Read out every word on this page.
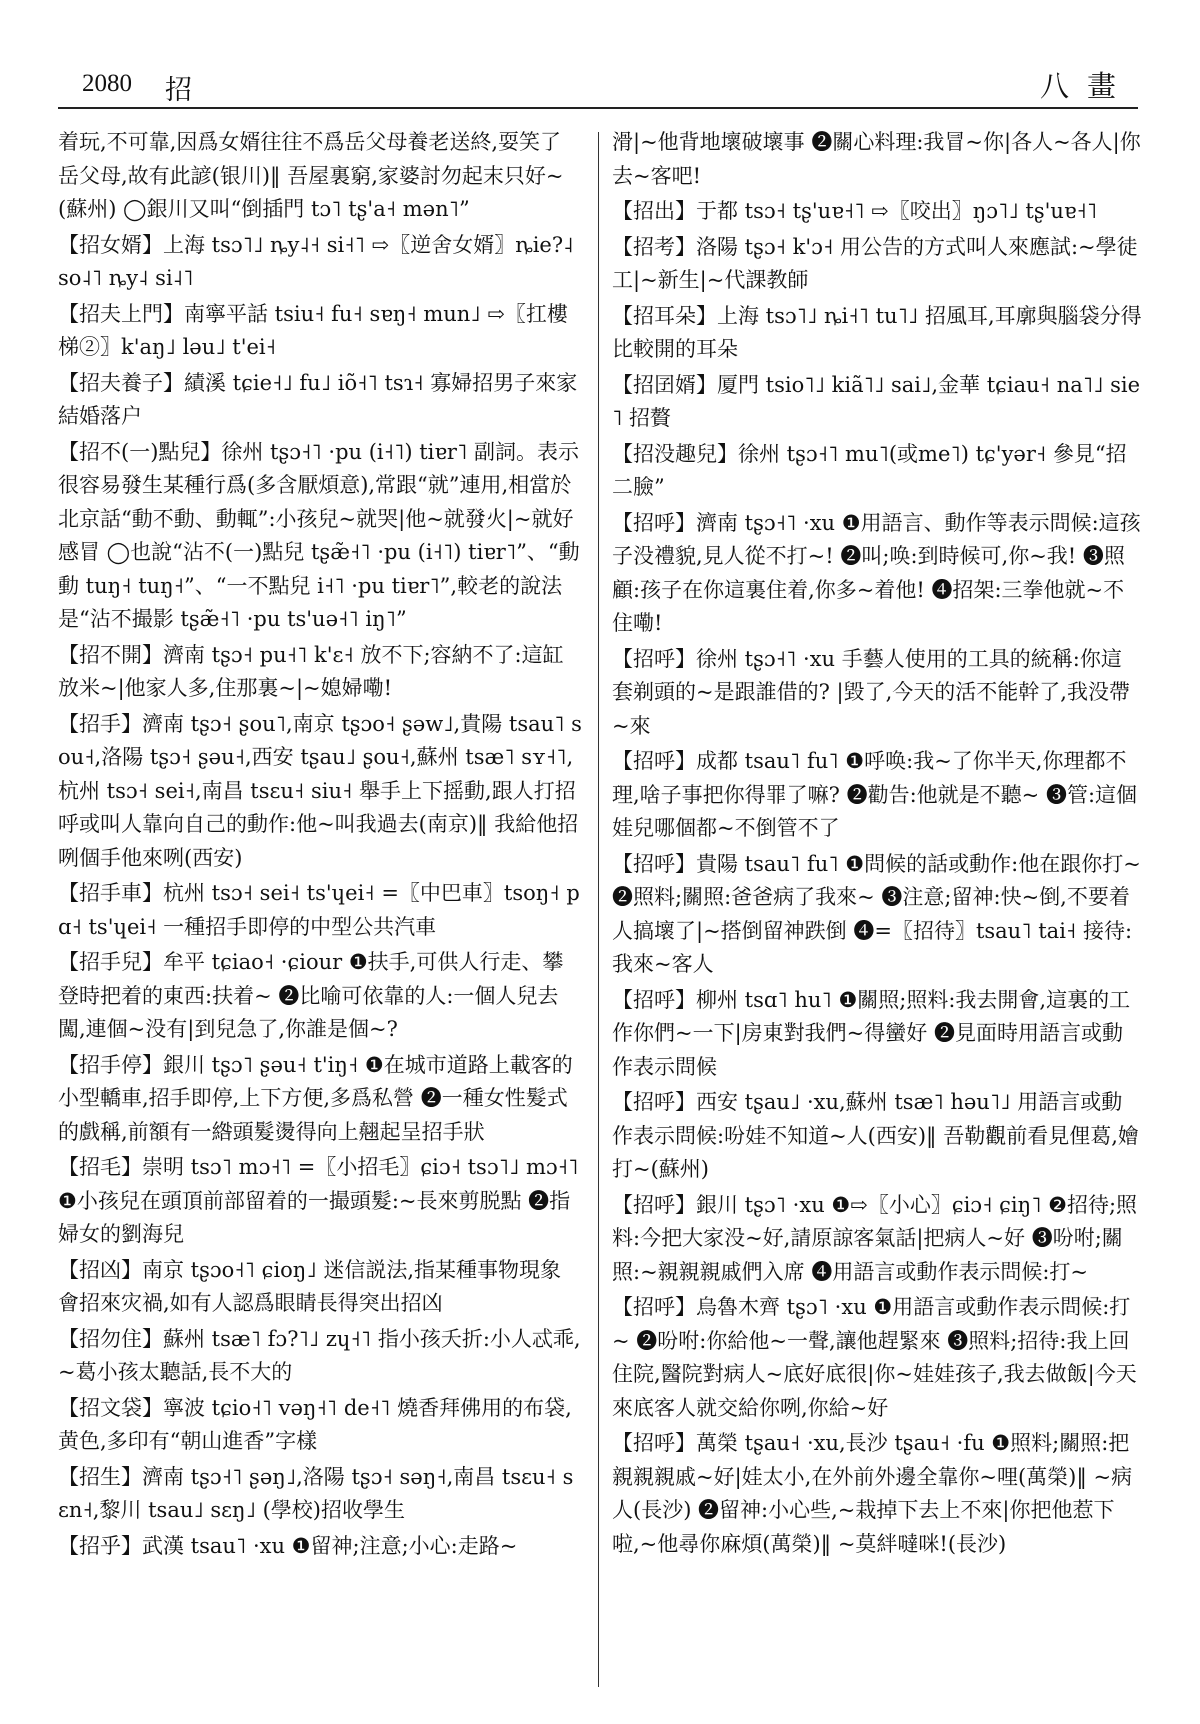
2080 招	八畫

着玩,不可靠,因爲女婿往往不爲岳父母養老送終,耍笑了岳父母,故有此諺(银川)‖ 吾屋裏窮,家婆討勿起末只好~(蘇州) ◯銀川又叫“倒插門 tɔ˥ tʂ'a˧ mən˥”

【招女婿】上海 tsɔ˥˩ ȵy˨˧ si˧˥ ⇨〖逆舍女婿〗ȵie?˨ so˨˥ ȵy˨ si˨˥

【招夫上門】南寧平話 tsiu˧ fu˧ sɐŋ˧ mun˩ ⇨〖扛樓梯②〗k'aŋ˩ ləu˩ t'ei˧

【招夫養子】績溪 tɕie˧˩ fu˩ iõ˧˥ tsɿ˧ 寡婦招男子來家結婚落户

【招不(一)點兒】徐州 tʂɔ˧˥ ·pu (i˧˥) tiɐr˥ 副詞。表示很容易發生某種行爲(多含厭煩意),常跟“就”連用,相當於北京話“動不動、動輒”:小孩兒~就哭|他~就發火|~就好感冒 ◯也說“沾不(一)點兒 tʂæ̃˧˥ ·pu (i˧˥) tiɐr˥”、“動動 tuŋ˧ tuŋ˧”、“一不點兒 i˧˥ ·pu tiɐr˥”,較老的說法是“沾不撮影 tʂæ̃˧˥ ·pu ts'uə˧˥ iŋ˥”

【招不開】濟南 tʂɔ˧ pu˧˥ k'ɛ˧ 放不下;容納不了:這缸放米~|他家人多,住那裏~|~媳婦嘞!

【招手】濟南 tʂɔ˧ ʂou˥,南京 tʂɔo˧ ʂəw˩,貴陽 tsau˥ sou˧,洛陽 tʂɔ˧ ʂəu˧,西安 tʂau˩ ʂou˧,蘇州 tsæ˥ sʏ˧˥,杭州 tsɔ˧ sei˧,南昌 tsɛu˧ siu˧ 舉手上下摇動,跟人打招呼或叫人靠向自己的動作:他~叫我過去(南京)‖ 我給他招咧個手他來咧(西安)

【招手車】杭州 tsɔ˧ sei˧ ts'ɥei˧ =〖中巴車〗tsoŋ˧ pɑ˧ ts'ɥei˧ 一種招手即停的中型公共汽車

【招手兒】牟平 tɕiao˧ ·ɕiour ❶扶手,可供人行走、攀登時把着的東西:扶着~ ❷比喻可依靠的人:一個人兒去闖,連個~没有|到兒急了,你誰是個~?

【招手停】銀川 tʂɔ˥ ʂəu˧ t'iŋ˧ ❶在城市道路上載客的小型轎車,招手即停,上下方便,多爲私營 ❷一種女性髮式的戲稱,前額有一綹頭髮燙得向上翹起呈招手狀

【招毛】崇明 tsɔ˥ mɔ˧˥ =〖小招毛〗ɕiɔ˧ tsɔ˥˩ mɔ˧˥ ❶小孩兒在頭頂前部留着的一撮頭髮:~長來剪脱點 ❷指婦女的劉海兒

【招凶】南京 tʂɔo˧˥ ɕioŋ˩ 迷信説法,指某種事物現象會招來灾禍,如有人認爲眼睛長得突出招凶

【招勿住】蘇州 tsæ˥ fɔ?˥˩ zɥ˧˥ 指小孩夭折:小人忒乖,~葛小孩太聽話,長不大的

【招文袋】寧波 tɕio˧˥ vəŋ˧˥ de˧˥ 燒香拜佛用的布袋,黄色,多印有“朝山進香”字樣

【招生】濟南 tʂɔ˧˥ ʂəŋ˩,洛陽 tʂɔ˧ səŋ˧,南昌 tsɛu˧ sɛn˧,黎川 tsau˩ sɛŋ˩ (學校)招收學生

【招乎】武漢 tsau˥ ·xu ❶留神;注意;小心:走路~

滑|~他背地壞破壞事 ❷關心料理:我冒~你|各人~各人|你去~客吧!

【招出】于都 tsɔ˧ tʂ'uɐ˧˥ ⇨〖咬出〗ŋɔ˥˩ tʂ'uɐ˧˥

【招考】洛陽 tʂɔ˧ k'ɔ˧ 用公告的方式叫人來應試:~學徒工|~新生|~代課教師

【招耳朵】上海 tsɔ˥˩ ȵi˧˥ tu˥˩ 招風耳,耳廓與腦袋分得比較開的耳朵

【招囝婿】厦門 tsio˥˩ kiã˥˩ sai˩,金華 tɕiau˧ na˥˩ sie˥ 招贅

【招没趣兒】徐州 tʂɔ˧˥ mu˥(或me˥) tɕ'yər˧ 參見“招二臉”

【招呼】濟南 tʂɔ˧˥ ·xu ❶用語言、動作等表示問候:這孩子没禮貌,見人從不打~! ❷叫;唤:到時候可,你~我! ❸照顧:孩子在你這裏住着,你多~着他! ❹招架:三拳他就~不住嘞!

【招呼】徐州 tʂɔ˧˥ ·xu 手藝人使用的工具的統稱:你這套剃頭的~是跟誰借的? |毀了,今天的活不能幹了,我没帶~來

【招呼】成都 tsau˥ fu˥ ❶呼唤:我~了你半天,你理都不理,啥子事把你得罪了嘛? ❷勸告:他就是不聽~ ❸管:這個娃兒哪個都~不倒管不了

【招呼】貴陽 tsau˥ fu˥ ❶問候的話或動作:他在跟你打~ ❷照料;關照:爸爸病了我來~ ❸注意;留神:快~倒,不要着人搞壞了|~搭倒留神跌倒 ❹=〖招待〗tsau˥ tai˧ 接待:我來~客人

【招呼】柳州 tsɑ˥ hu˥ ❶關照;照料:我去開會,這裏的工作你們~一下|房東對我們~得蠻好 ❷見面時用語言或動作表示問候

【招呼】西安 tʂau˩ ·xu,蘇州 tsæ˥ həu˥˩ 用語言或動作表示問候:吩娃不知道~人(西安)‖ 吾勒觀前看見俚葛,嬒打~(蘇州)

【招呼】銀川 tʂɔ˥ ·xu ❶⇨〖小心〗ɕiɔ˧ ɕiŋ˥ ❷招待;照料:今把大家没~好,請原諒客氣話|把病人~好 ❸吩咐;關照:~親親親戚們入席 ❹用語言或動作表示問候:打~

【招呼】烏魯木齊 tʂɔ˥ ·xu ❶用語言或動作表示問候:打~ ❷吩咐:你給他~一聲,讓他趕緊來 ❸照料;招待:我上回住院,醫院對病人~底好底很|你~娃娃孩子,我去做飯|今天來底客人就交給你咧,你給~好

【招呼】萬榮 tʂau˧ ·xu,長沙 tʂau˧ ·fu ❶照料;關照:把親親親戚~好|娃太小,在外前外邊全靠你~哩(萬榮)‖ ~病人(長沙) ❷留神:小心些,~栽掉下去上不來|你把他惹下啦,~他尋你麻煩(萬榮)‖ ~莫絆噠咪!(長沙)
